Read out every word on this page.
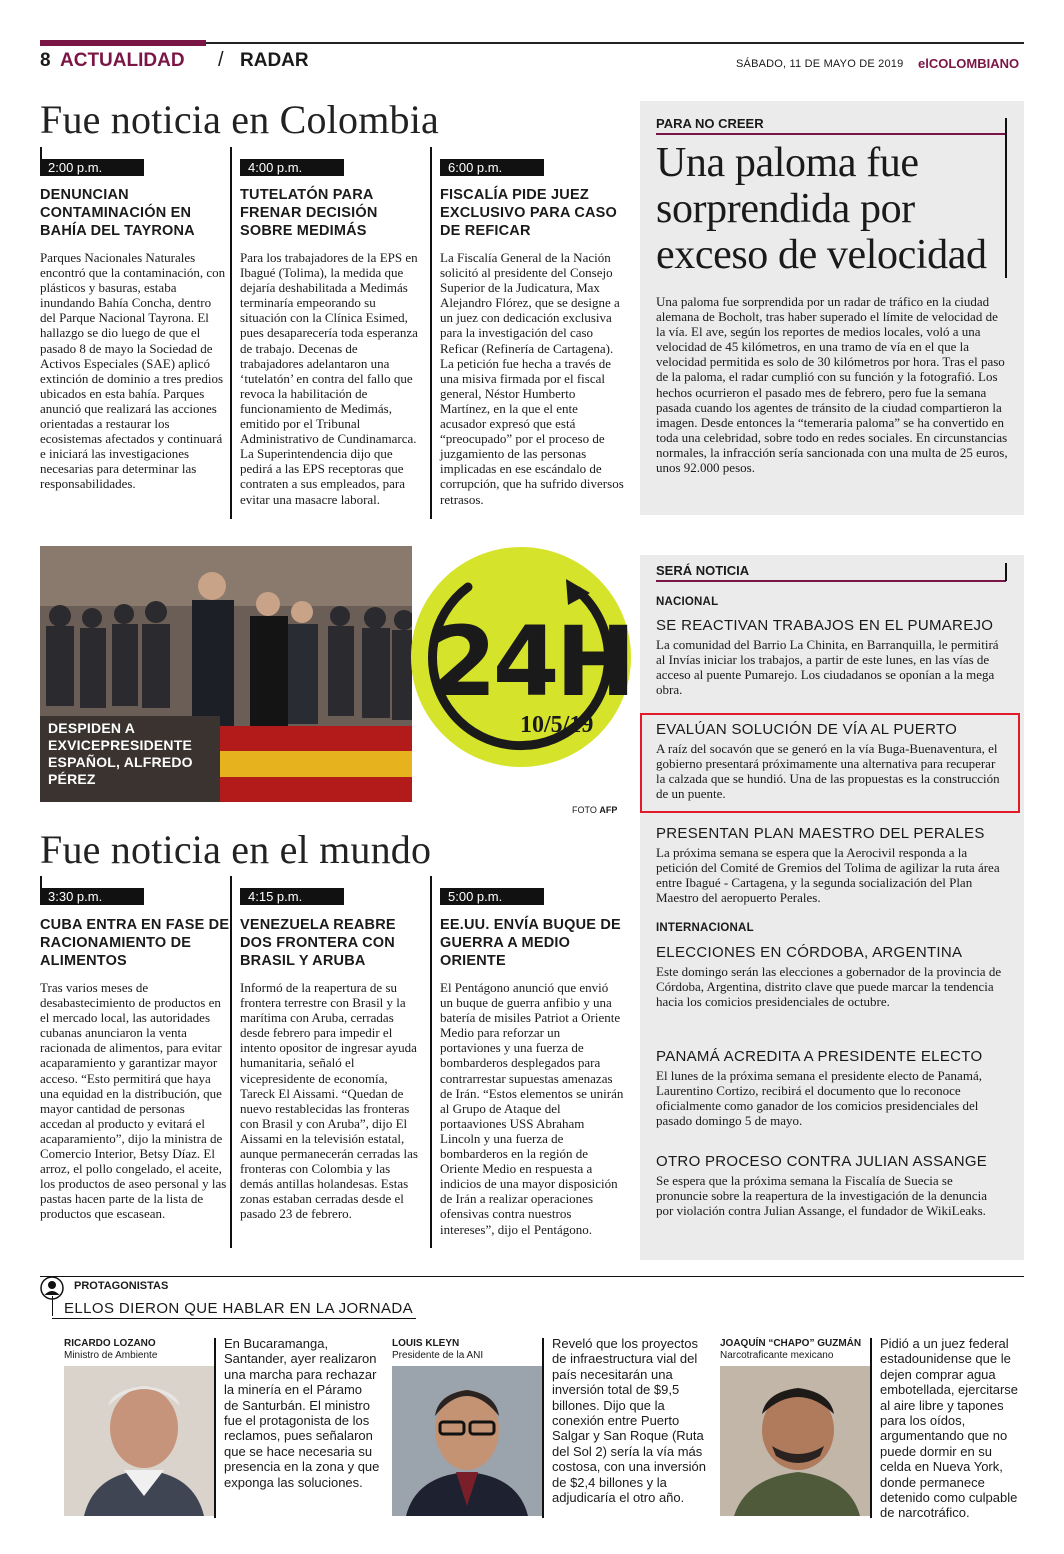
8 ACTUALIDAD / RADAR	SÁBADO, 11 DE MAYO DE 2019 elCOLOMBIANO
Fue noticia en Colombia
2:00 p.m.
DENUNCIAN CONTAMINACIÓN EN BAHÍA DEL TAYRONA
Parques Nacionales Naturales encontró que la contaminación, con plásticos y basuras, estaba inundando Bahía Concha, dentro del Parque Nacional Tayrona. El hallazgo se dio luego de que el pasado 8 de mayo la Sociedad de Activos Especiales (SAE) aplicó extinción de dominio a tres predios ubicados en esta bahía. Parques anunció que realizará las acciones orientadas a restaurar los ecosistemas afectados y continuará e iniciará las investigaciones necesarias para determinar las responsabilidades.
4:00 p.m.
TUTELATÓN PARA FRENAR DECISIÓN SOBRE MEDIMÁS
Para los trabajadores de la EPS en Ibagué (Tolima), la medida que dejaría deshabilitada a Medimás terminaría empeorando su situación con la Clínica Esimed, pues desaparecería toda esperanza de trabajo. Decenas de trabajadores adelantaron una ‘tutelatón’ en contra del fallo que revoca la habilitación de funcionamiento de Medimás, emitido por el Tribunal Administrativo de Cundinamarca. La Superintendencia dijo que pedirá a las EPS receptoras que contraten a sus empleados, para evitar una masacre laboral.
6:00 p.m.
FISCALÍA PIDE JUEZ EXCLUSIVO PARA CASO DE REFICAR
La Fiscalía General de la Nación solicitó al presidente del Consejo Superior de la Judicatura, Max Alejandro Flórez, que se designe a un juez con dedicación exclusiva para la investigación del caso Reficar (Refinería de Cartagena). La petición fue hecha a través de una misiva firmada por el fiscal general, Néstor Humberto Martínez, en la que el ente acusador expresó que está “preocupado” por el proceso de juzgamiento de las personas implicadas en ese escándalo de corrupción, que ha sufrido diversos retrasos.
PARA NO CREER
Una paloma fue sorprendida por exceso de velocidad
Una paloma fue sorprendida por un radar de tráfico en la ciudad alemana de Bocholt, tras haber superado el límite de velocidad de la vía. El ave, según los reportes de medios locales, voló a una velocidad de 45 kilómetros, en una tramo de vía en el que la velocidad permitida es solo de 30 kilómetros por hora. Tras el paso de la paloma, el radar cumplió con su función y la fotografió. Los hechos ocurrieron el pasado mes de febrero, pero fue la semana pasada cuando los agentes de tránsito de la ciudad compartieron la imagen. Desde entonces la “temeraria paloma” se ha convertido en toda una celebridad, sobre todo en redes sociales. En circunstancias normales, la infracción sería sancionada con una multa de 25 euros, unos 92.000 pesos.
DESPIDEN A EXVICEPRESIDENTE ESPAÑOL, ALFREDO PÉREZ
24H
10/5/19
FOTO AFP
SERÁ NOTICIA
NACIONAL
SE REACTIVAN TRABAJOS EN EL PUMAREJO
La comunidad del Barrio La Chinita, en Barranquilla, le permitirá al Invías iniciar los trabajos, a partir de este lunes, en las vías de acceso al puente Pumarejo. Los ciudadanos se oponían a la mega obra.
EVALÚAN SOLUCIÓN DE VÍA AL PUERTO
A raíz del socavón que se generó en la vía Buga-Buenaventura, el gobierno presentará próximamente una alternativa para recuperar la calzada que se hundió. Una de las propuestas es la construcción de un puente.
PRESENTAN PLAN MAESTRO DEL PERALES
La próxima semana se espera que la Aerocivil responda a la petición del Comité de Gremios del Tolima de agilizar la ruta área entre Ibagué - Cartagena, y la segunda socialización del Plan Maestro del aeropuerto Perales.
INTERNACIONAL
ELECCIONES EN CÓRDOBA, ARGENTINA
Este domingo serán las elecciones a gobernador de la provincia de Córdoba, Argentina, distrito clave que puede marcar la tendencia hacia los comicios presidenciales de octubre.
PANAMÁ ACREDITA A PRESIDENTE ELECTO
El lunes de la próxima semana el presidente electo de Panamá, Laurentino Cortizo, recibirá el documento que lo reconoce oficialmente como ganador de los comicios presidenciales del pasado domingo 5 de mayo.
OTRO PROCESO CONTRA JULIAN ASSANGE
Se espera que la próxima semana la Fiscalía de Suecia se pronuncie sobre la reapertura de la investigación de la denuncia por violación contra Julian Assange, el fundador de WikiLeaks.
Fue noticia en el mundo
3:30 p.m.
CUBA ENTRA EN FASE DE RACIONAMIENTO DE ALIMENTOS
Tras varios meses de desabastecimiento de productos en el mercado local, las autoridades cubanas anunciaron la venta racionada de alimentos, para evitar acaparamiento y garantizar mayor acceso. “Esto permitirá que haya una equidad en la distribución, que mayor cantidad de personas accedan al producto y evitará el acaparamiento”, dijo la ministra de Comercio Interior, Betsy Díaz. El arroz, el pollo congelado, el aceite, los productos de aseo personal y las pastas hacen parte de la lista de productos que escasean.
4:15 p.m.
VENEZUELA REABRE DOS FRONTERA CON BRASIL Y ARUBA
Informó de la reapertura de su frontera terrestre con Brasil y la marítima con Aruba, cerradas desde febrero para impedir el intento opositor de ingresar ayuda humanitaria, señaló el vicepresidente de economía, Tareck El Aissami. “Quedan de nuevo restablecidas las fronteras con Brasil y con Aruba”, dijo El Aissami en la televisión estatal, aunque permanecerán cerradas las fronteras con Colombia y las demás antillas holandesas. Estas zonas estaban cerradas desde el pasado 23 de febrero.
5:00 p.m.
EE.UU. ENVÍA BUQUE DE GUERRA A MEDIO ORIENTE
El Pentágono anunció que envió un buque de guerra anfibio y una batería de misiles Patriot a Oriente Medio para reforzar un portaviones y una fuerza de bombarderos desplegados para contrarrestar supuestas amenazas de Irán. “Estos elementos se unirán al Grupo de Ataque del portaaviones USS Abraham Lincoln y una fuerza de bombarderos en la región de Oriente Medio en respuesta a indicios de una mayor disposición de Irán a realizar operaciones ofensivas contra nuestros intereses”, dijo el Pentágono.
PROTAGONISTAS
ELLOS DIERON QUE HABLAR EN LA JORNADA
RICARDO LOZANO
Ministro de Ambiente
En Bucaramanga, Santander, ayer realizaron una marcha para rechazar la minería en el Páramo de Santurbán. El ministro fue el protagonista de los reclamos, pues señalaron que se hace necesaria su presencia en la zona y que exponga las soluciones.
LOUIS KLEYN
Presidente de la ANI
Reveló que los proyectos de infraestructura vial del país necesitarán una inversión total de $9,5 billones. Dijo que la conexión entre Puerto Salgar y San Roque (Ruta del Sol 2) sería la vía más costosa, con una inversión de $2,4 billones y la adjudicaría el otro año.
JOAQUÍN “CHAPO” GUZMÁN
Narcotraficante mexicano
Pidió a un juez federal estadounidense que le dejen comprar agua embotellada, ejercitarse al aire libre y tapones para los oídos, argumentando que no puede dormir en su celda en Nueva York, donde permanece detenido como culpable de narcotráfico.
